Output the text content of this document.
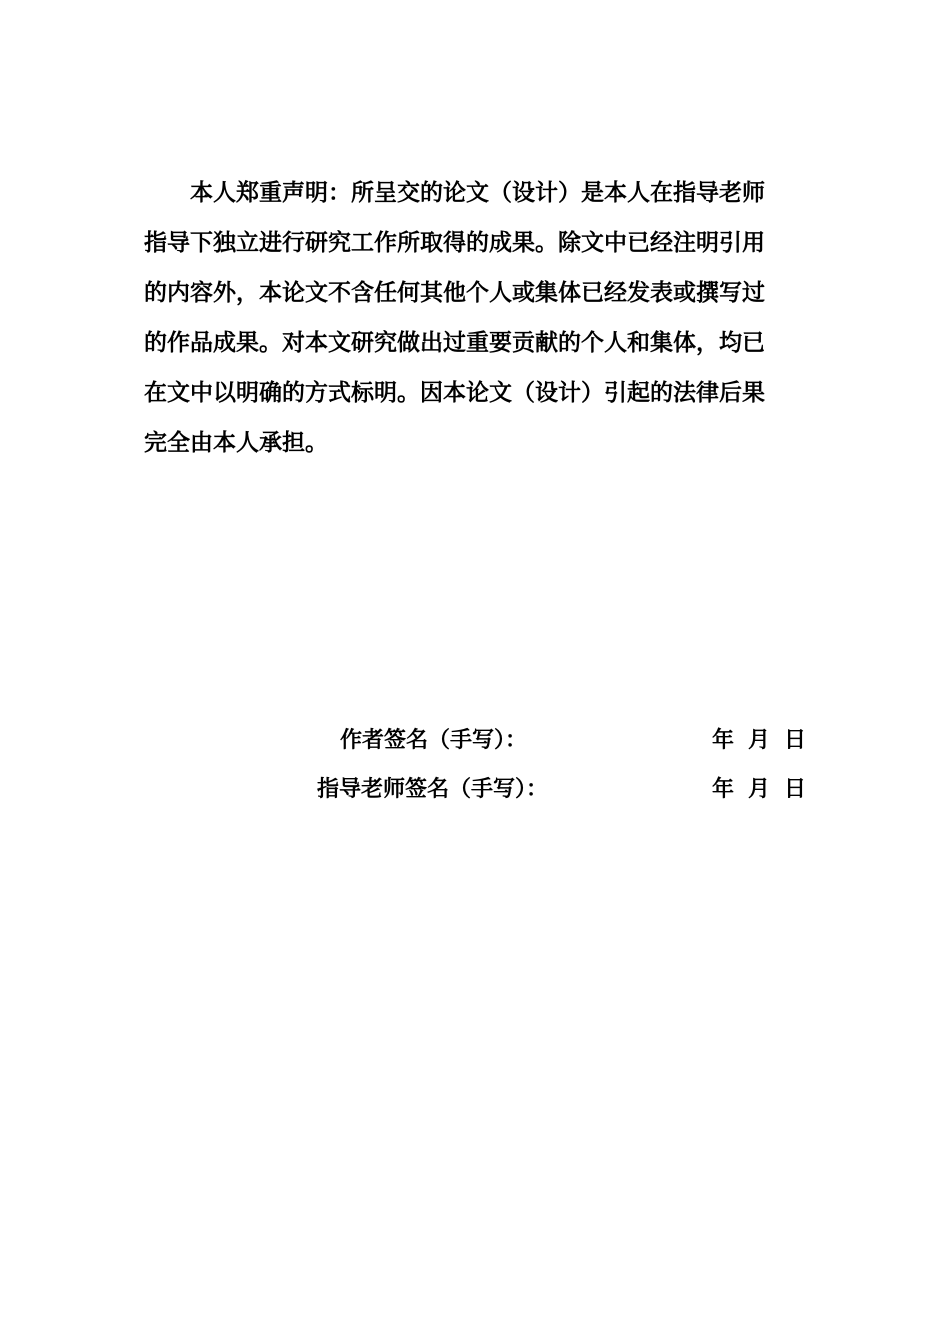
本人郑重声明：所呈交的论文（设计）是本人在指导老师
指导下独立进行研究工作所取得的成果。除文中已经注明引用
的内容外，本论文不含任何其他个人或集体已经发表或撰写过
的作品成果。对本文研究做出过重要贡献的个人和集体，均已
在文中以明确的方式标明。因本论文（设计）引起的法律后果
完全由本人承担。
作者签名（手写）：	年 月 日
指导老师签名（手写）：	年 月 日
